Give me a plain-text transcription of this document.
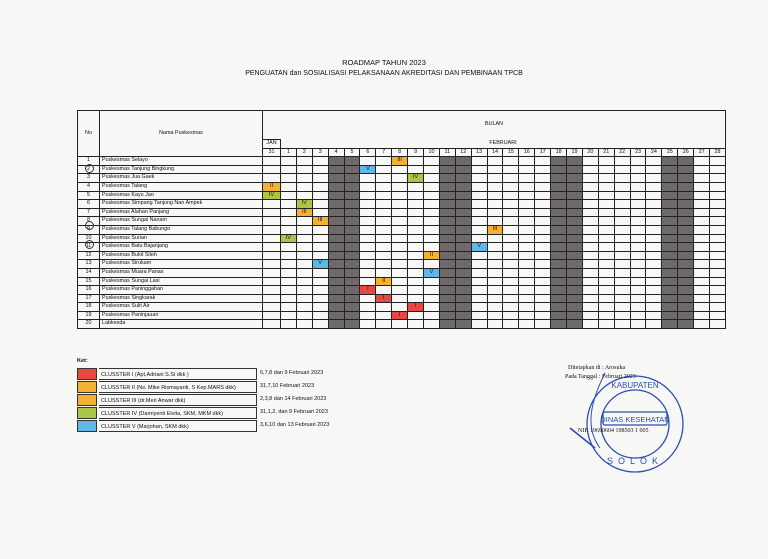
ROADMAP TAHUN 2023
PENGUATAN dan SOSIALISASI PELAKSANAAN AKREDITASI DAN PEMBINAAN TPCB
No	Nama Puskesmas	BULAN																												
		JAN	FEBRUARI																											
		31	1	2	3	4	5	6	7	8	9	10	11	12	13	14	15	16	17	18	19	20	21	22	23	24	25	26	27	28
1	Puskesmas Selayo									III																				
2	Puskesmas Tanjung Bingkung							V																						
3	Puskesmas Jua Gaek										IV																			
4	Puskesmas Talang	II																												
5	Puskesmas Kayu Jao	IV																												
6	Puskesmas Simpang Tanjung Nan Ampek			IV																										
7	Puskesmas Alahan Panjang			III																										
8	Puskesmas Sungai Nanam				III																									
9	Puskesmas Talang Babungo															III														
10	Puskesmas Surian		IV																											
11	Puskesmas Batu Bajanjang														V															
12	Puskesmas Bukit Sileh											II																		
13	Puskesmas Sirukam				V																									
14	Puskesmas Muara Panas											V																		
15	Puskesmas Sungai Lasi								II																					
16	Puskesmas Paninggahan							I																						
17	Puskesmas Singkarak								I																					
18	Puskesmas Sulit Air										I																			
19	Puskesmas Paninjauan									I																				
20	Labkesda																													
Ket:
CLUSSTER I (Apt,Adriani S.Si dkk )	6,7,8 dan 9 Februari 2023
CLUSSTER II (Ns. Mike Rismayanti, S Kep.MARS dkk)	31,7,10 Februari 2023
CLUSSTER III (dr.Meri Anwar dkk)	2,3,8 dan 14 Februari 2023
CLUSSTER IV (Darniyenti Elvita, SKM, MKM dkk)	31,1,2, dan 9 Februari 2023
CLUSSTER V (Marjohan, SKM dkk)	3,6,10 dan 13 Februari 2023
KABUPATEN
DINAS KESEHATAN
SOLOK
Ditetapkan di : Arosuka
Pada Tanggal : Februari 2023
NIP. 19690604 198503 1 005
